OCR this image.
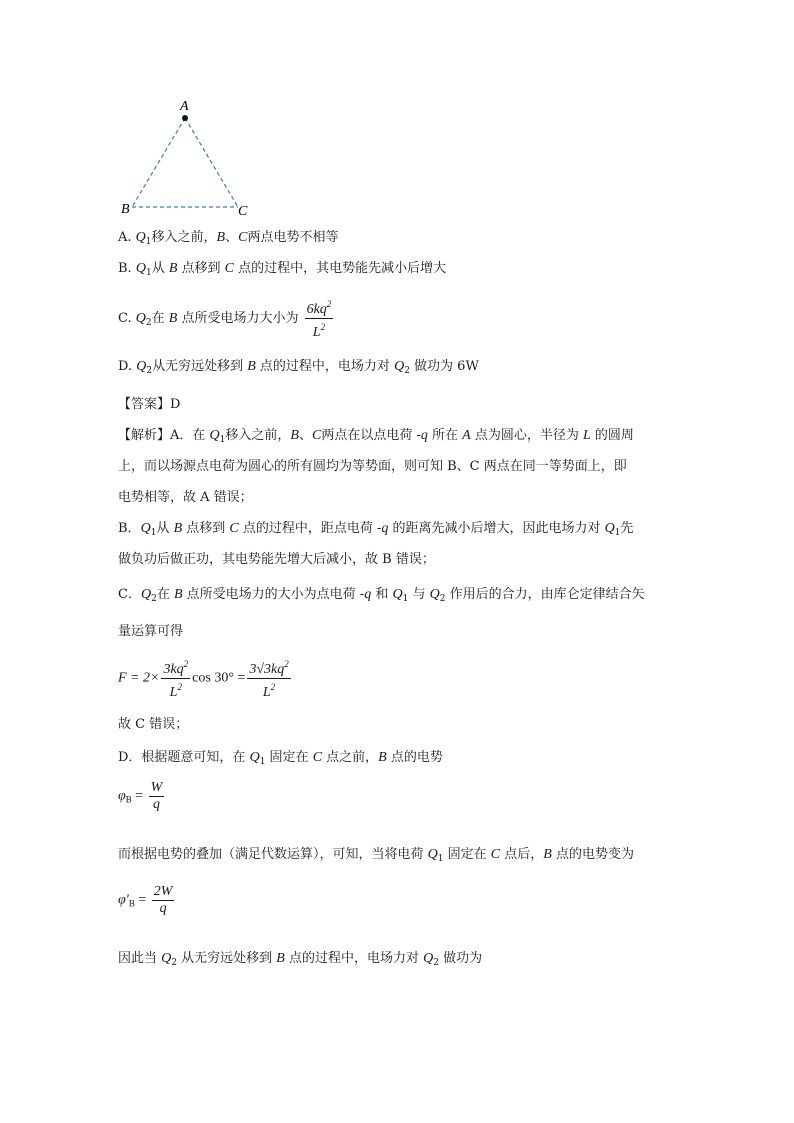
A
B	C
A. $Q_1$移入之前，B、C两点电势不相等
B. $Q_1$从 B 点移到 C 点的过程中，其电势能先减小后增大
C. $Q_2$在 B 点所受电场力大小为 $\frac{6kq^2}{L^2}$
D. $Q_2$从无穷远处移到 B 点的过程中，电场力对 $Q_2$ 做功为 6W
【答案】D
【解析】A．在 $Q_1$移入之前，B、C两点在以点电荷 -q 所在 A 点为圆心，半径为 L 的圆周
上，而以场源点电荷为圆心的所有圆均为等势面，则可知 B、C 两点在同一等势面上，即
电势相等，故 A 错误；
B．$Q_1$从 B 点移到 C 点的过程中，距点电荷 -q 的距离先减小后增大，因此电场力对 $Q_1$先
做负功后做正功，其电势能先增大后减小，故 B 错误；
C．$Q_2$在 B 点所受电场力的大小为点电荷 -q 和 $Q_1$ 与 $Q_2$ 作用后的合力，由库仑定律结合矢
量运算可得
$F = 2\times \frac{3kq^2}{L^2}$ $\cos 30^\circ = \frac{3√3kq^2}{L^2}$
故 C 错误；
D．根据题意可知，在 $Q_1$ 固定在 C 点之前，B 点的电势
$\varphi_B = \frac{W}{q}$
而根据电势的叠加（满足代数运算），可知，当将电荷 $Q_1$ 固定在 C 点后，B 点的电势变为
$\varphi'_B = \frac{2W}{q}$
因此当 $Q_2$ 从无穷远处移到 B 点的过程中，电场力对 $Q_2$ 做功为
